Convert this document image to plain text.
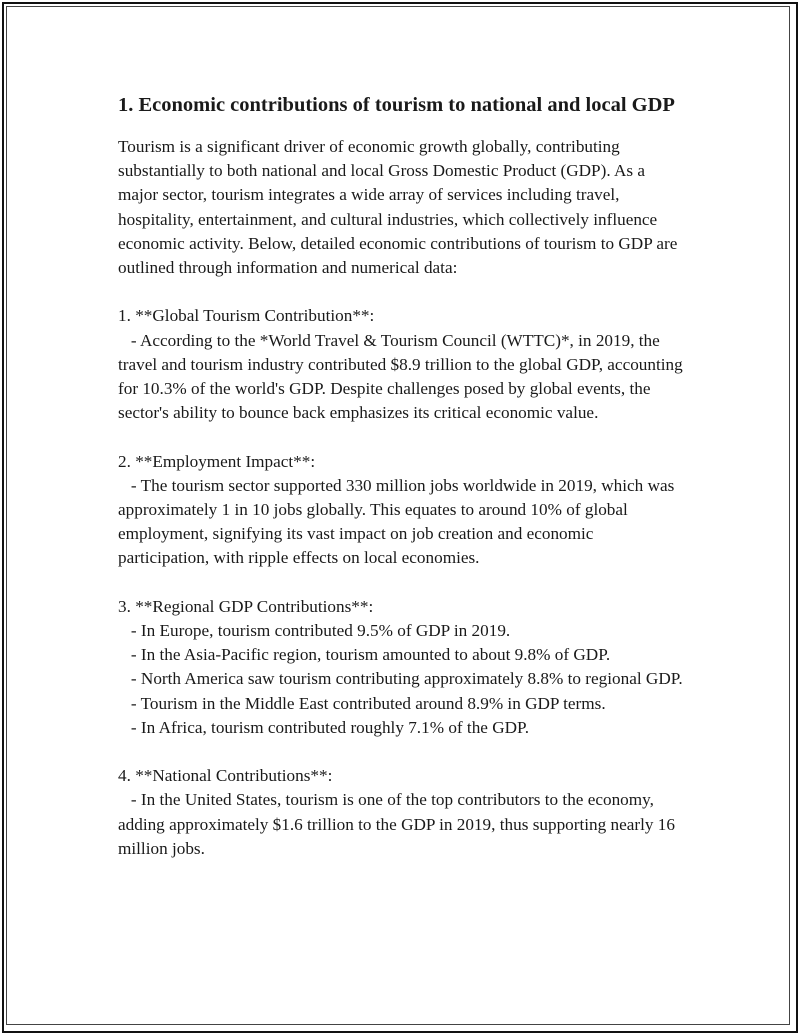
1. Economic contributions of tourism to national and local GDP

Tourism is a significant driver of economic growth globally, contributing substantially to both national and local Gross Domestic Product (GDP). As a major sector, tourism integrates a wide array of services including travel, hospitality, entertainment, and cultural industries, which collectively influence economic activity. Below, detailed economic contributions of tourism to GDP are outlined through information and numerical data:

1. **Global Tourism Contribution**:

- According to the *World Travel & Tourism Council (WTTC)*, in 2019, the travel and tourism industry contributed $8.9 trillion to the global GDP, accounting for 10.3% of the world's GDP. Despite challenges posed by global events, the sector's ability to bounce back emphasizes its critical economic value.

2. **Employment Impact**:

- The tourism sector supported 330 million jobs worldwide in 2019, which was approximately 1 in 10 jobs globally. This equates to around 10% of global employment, signifying its vast impact on job creation and economic participation, with ripple effects on local economies.

3. **Regional GDP Contributions**:

- In Europe, tourism contributed 9.5% of GDP in 2019.

- In the Asia-Pacific region, tourism amounted to about 9.8% of GDP.

- North America saw tourism contributing approximately 8.8% to regional GDP.

- Tourism in the Middle East contributed around 8.9% in GDP terms.

- In Africa, tourism contributed roughly 7.1% of the GDP.

4. **National Contributions**:

- In the United States, tourism is one of the top contributors to the economy, adding approximately $1.6 trillion to the GDP in 2019, thus supporting nearly 16 million jobs.
